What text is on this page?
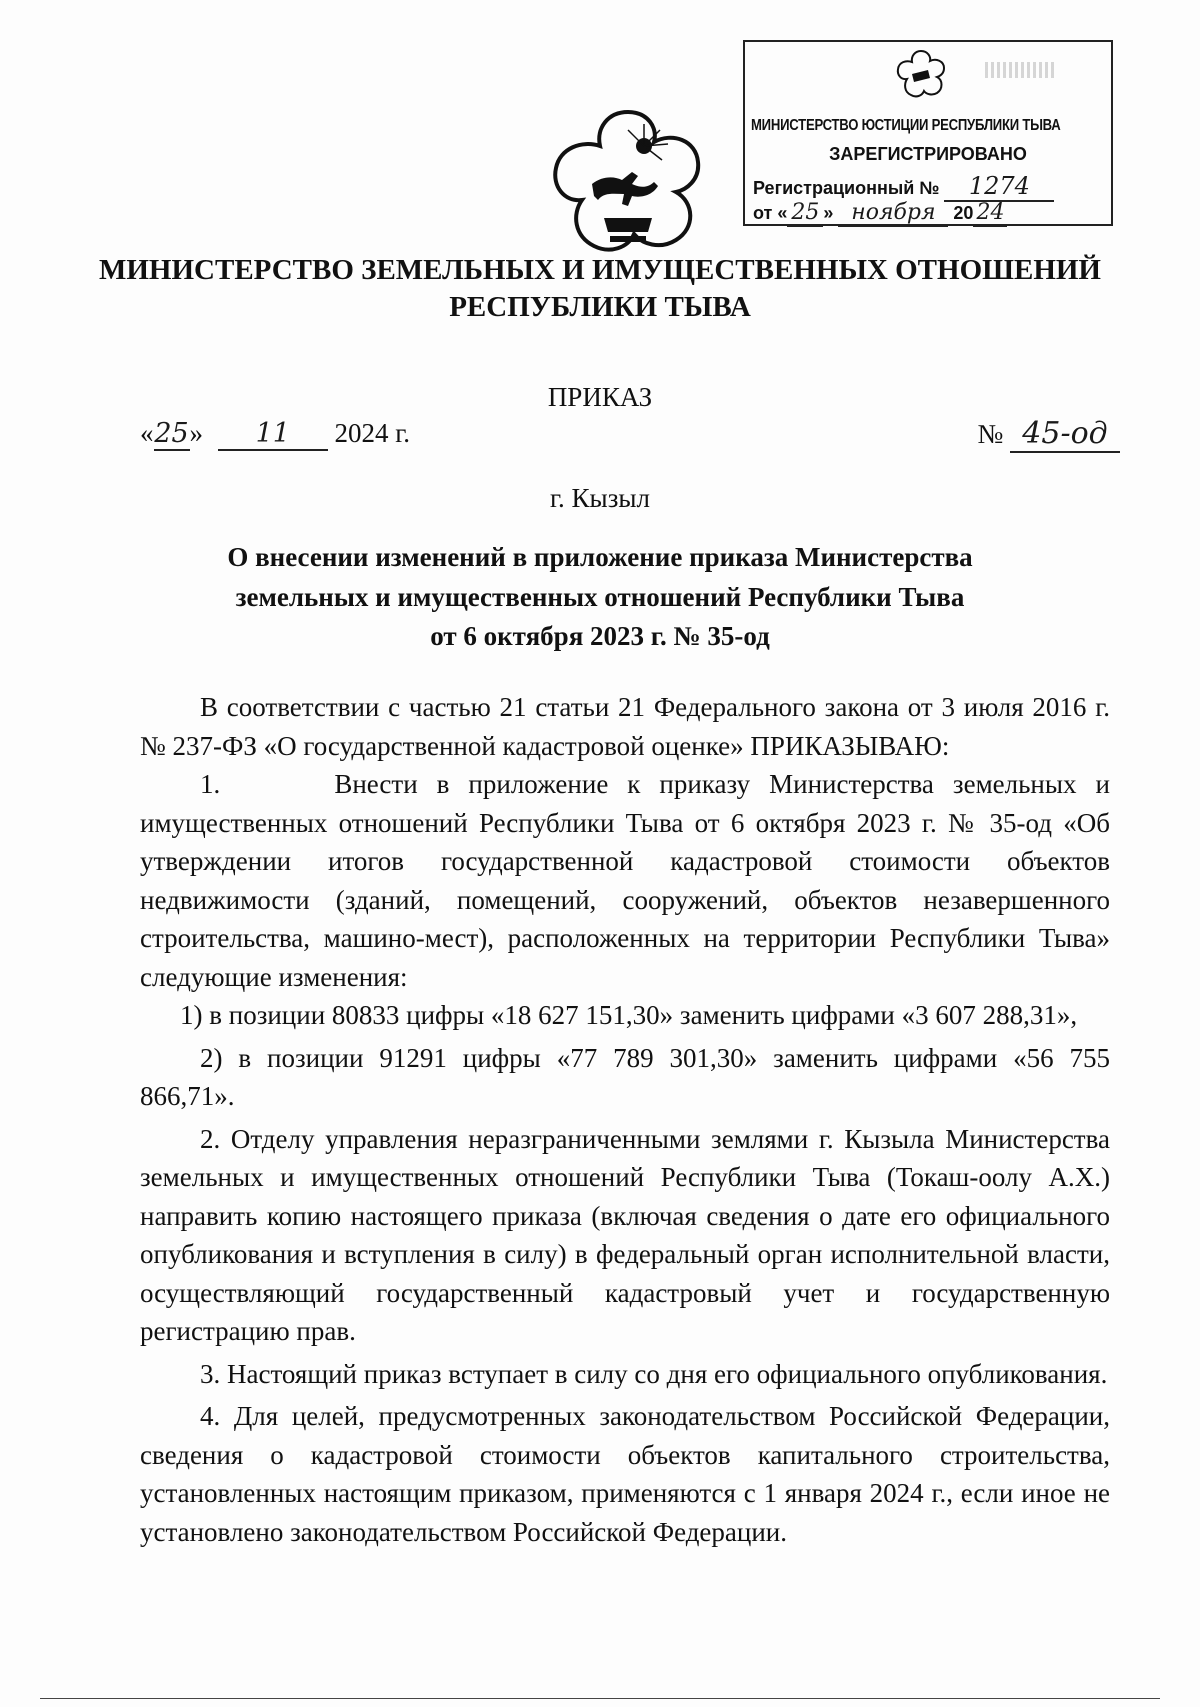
МИНИСТЕРСТВО ЮСТИЦИИ РЕСПУБЛИКИ ТЫВА
ЗАРЕГИСТРИРОВАНО
Регистрационный № 1274
от « 25 » ноября 20 24
МИНИСТЕРСТВО ЗЕМЕЛЬНЫХ И ИМУЩЕСТВЕННЫХ ОТНОШЕНИЙ
РЕСПУБЛИКИ ТЫВА
ПРИКАЗ
«25» 11 2024 г.	№ 45-од
г. Кызыл
О внесении изменений в приложение приказа Министерства
земельных и имущественных отношений Республики Тыва
от 6 октября 2023 г. № 35-од

В соответствии с частью 21 статьи 21 Федерального закона от 3 июля 2016 г. № 237-ФЗ «О государственной кадастровой оценке» ПРИКАЗЫВАЮ:

1.      Внести в приложение к приказу Министерства земельных и имущественных отношений Республики Тыва от 6 октября 2023 г. № 35-од «Об утверждении итогов государственной кадастровой стоимости объектов недвижимости (зданий, помещений, сооружений, объектов незавершенного строительства, машино-мест), расположенных на территории Республики Тыва» следующие изменения:

1) в позиции 80833 цифры «18 627 151,30» заменить цифрами «3 607 288,31»,

2) в позиции 91291 цифры «77 789 301,30» заменить цифрами «56 755 866,71».

2. Отделу управления неразграниченными землями г. Кызыла Министерства земельных и имущественных отношений Республики Тыва (Токаш-оолу А.Х.) направить копию настоящего приказа (включая сведения о дате его официального опубликования и вступления в силу) в федеральный орган исполнительной власти, осуществляющий государственный кадастровый учет и государственную регистрацию прав.

3. Настоящий приказ вступает в силу со дня его официального опубликования.

4. Для целей, предусмотренных законодательством Российской Федерации, сведения о кадастровой стоимости объектов капитального строительства, установленных настоящим приказом, применяются с 1 января 2024 г., если иное не установлено законодательством Российской Федерации.
